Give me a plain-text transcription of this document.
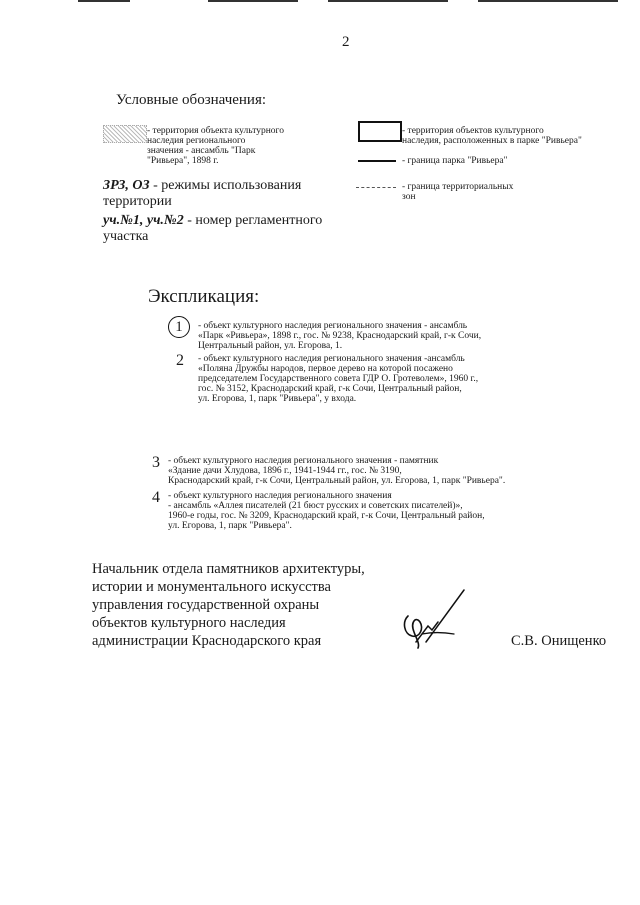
2
Условные обозначения:
- территория объекта культурного
наследия регионального
значения - ансамбль "Парк
"Ривьера", 1898 г.
- территория объектов культурного
наследия, расположенных в парке "Ривьера"
- граница парка "Ривьера"
- граница территориальных
зон
ЗРЗ, ОЗ - режимы использования
территории
уч.№1, уч.№2 - номер регламентного
участка
Экспликация:
1	- объект культурного наследия регионального значения - ансамбль
«Парк «Ривьера», 1898 г., гос. № 9238, Краснодарский край, г-к Сочи,
Центральный район, ул. Егорова, 1.
2 - объект культурного наследия регионального значения -ансамбль
«Поляна Дружбы народов, первое дерево на которой посажено
председателем Государственного совета ГДР О. Гротеволем», 1960 г.,
гос. № 3152, Краснодарский край, г-к Сочи, Центральный район,
ул. Егорова, 1, парк "Ривьера", у входа.
3 - объект культурного наследия регионального значения - памятник
«Здание дачи Хлудова, 1896 г., 1941-1944 гг., гос. № 3190,
Краснодарский край, г-к Сочи, Центральный район, ул. Егорова, 1, парк "Ривьера".
4 - объект культурного наследия регионального значения
- ансамбль «Аллея писателей (21 бюст русских и советских писателей)»,
1960-е годы, гос. № 3209, Краснодарский край, г-к Сочи, Центральный район,
ул. Егорова, 1, парк "Ривьера".
Начальник отдела памятников архитектуры,
истории и монументального искусства
управления государственной охраны
объектов культурного наследия
администрации Краснодарского края	С.В. Онищенко
